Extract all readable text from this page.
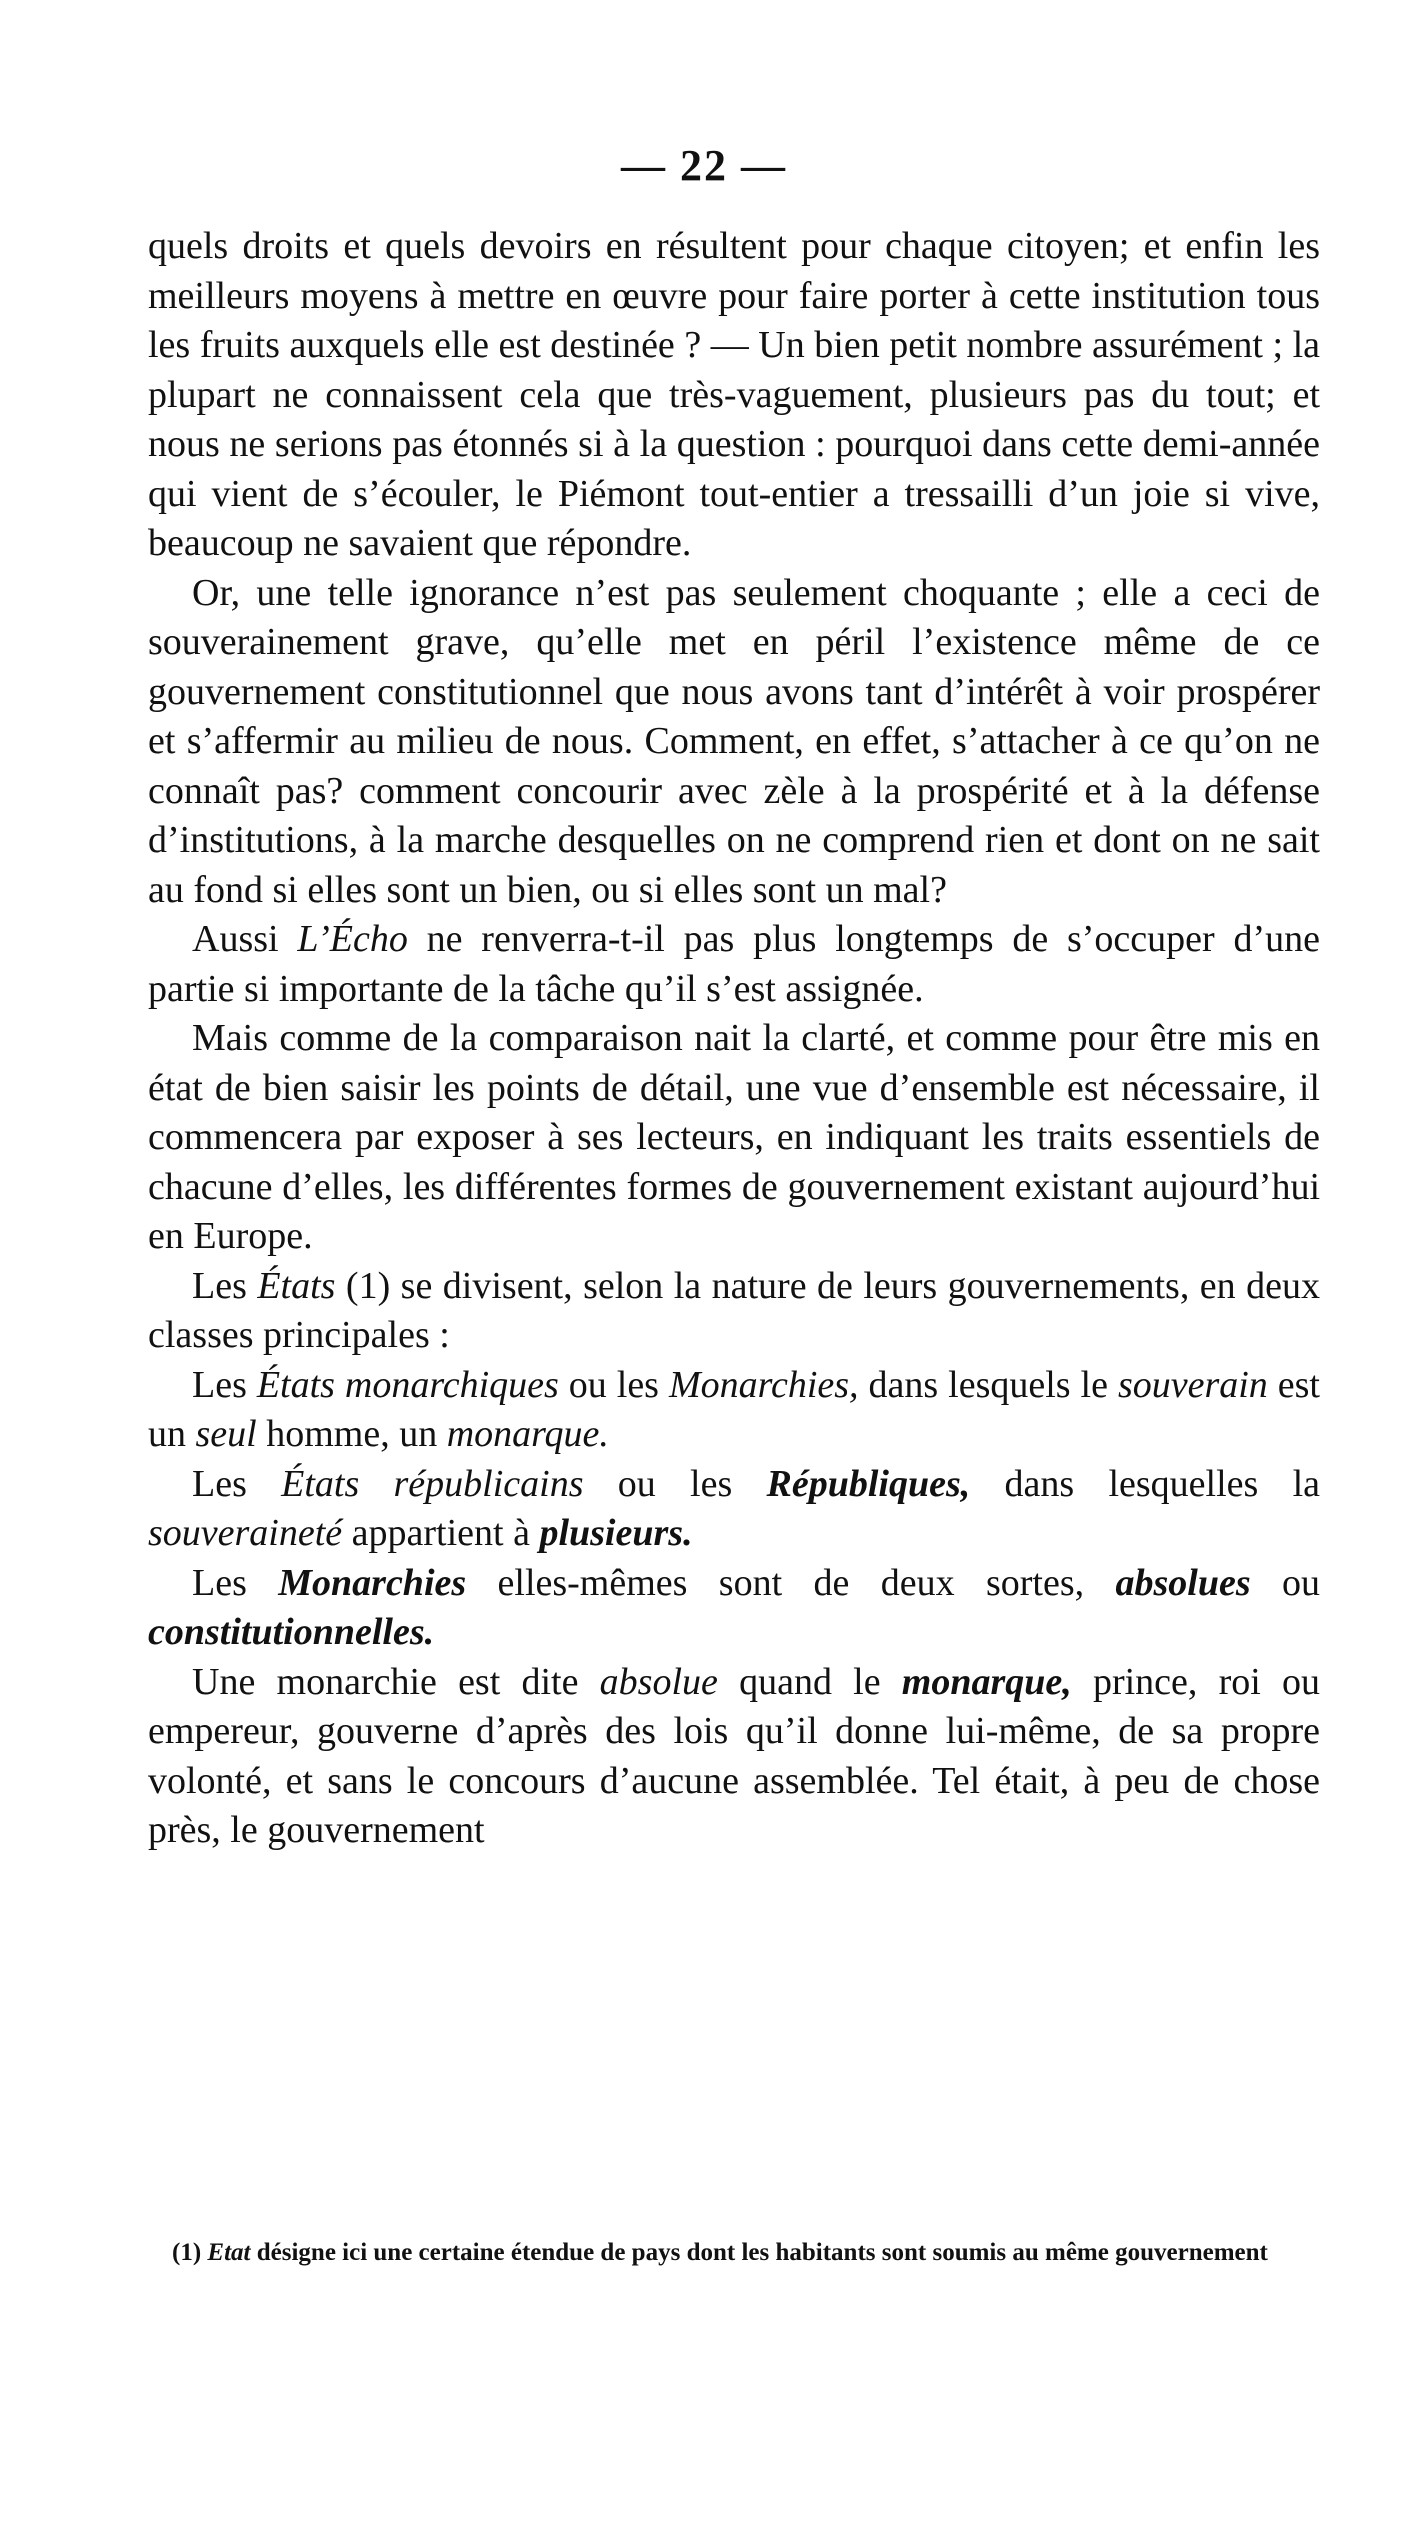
— 22 —

quels droits et quels devoirs en résultent pour chaque citoyen; et enfin les meilleurs moyens à mettre en œuvre pour faire porter à cette institution tous les fruits auxquels elle est destinée ? — Un bien petit nombre assurément ; la plupart ne connaissent cela que très-vaguement, plusieurs pas du tout; et nous ne serions pas étonnés si à la question : pourquoi dans cette demi-année qui vient de s’écouler, le Piémont tout-entier a tressailli d’un joie si vive, beaucoup ne savaient que répondre.

Or, une telle ignorance n’est pas seulement choquante ; elle a ceci de souverainement grave, qu’elle met en péril l’existence même de ce gouvernement constitutionnel que nous avons tant d’intérêt à voir prospérer et s’affermir au milieu de nous. Comment, en effet, s’attacher à ce qu’on ne connaît pas? comment concourir avec zèle à la prospérité et à la défense d’institutions, à la marche desquelles on ne comprend rien et dont on ne sait au fond si elles sont un bien, ou si elles sont un mal?

Aussi L’Écho ne renverra-t-il pas plus longtemps de s’occuper d’une partie si importante de la tâche qu’il s’est assignée.

Mais comme de la comparaison nait la clarté, et comme pour être mis en état de bien saisir les points de détail, une vue d’ensemble est nécessaire, il commencera par exposer à ses lecteurs, en indiquant les traits essentiels de chacune d’elles, les différentes formes de gouvernement existant aujourd’hui en Europe.

Les États (1) se divisent, selon la nature de leurs gouvernements, en deux classes principales :

Les États monarchiques ou les Monarchies, dans lesquels le souverain est un seul homme, un monarque.

Les États républicains ou les Républiques, dans lesquelles la souveraineté appartient à plusieurs.

Les Monarchies elles-mêmes sont de deux sortes, absolues ou constitutionnelles.

Une monarchie est dite absolue quand le monarque, prince, roi ou empereur, gouverne d’après des lois qu’il donne lui-même, de sa propre volonté, et sans le concours d’aucune assemblée. Tel était, à peu de chose près, le gouvernement

(1) Etat désigne ici une certaine étendue de pays dont les habitants sont soumis au même gouvernement
